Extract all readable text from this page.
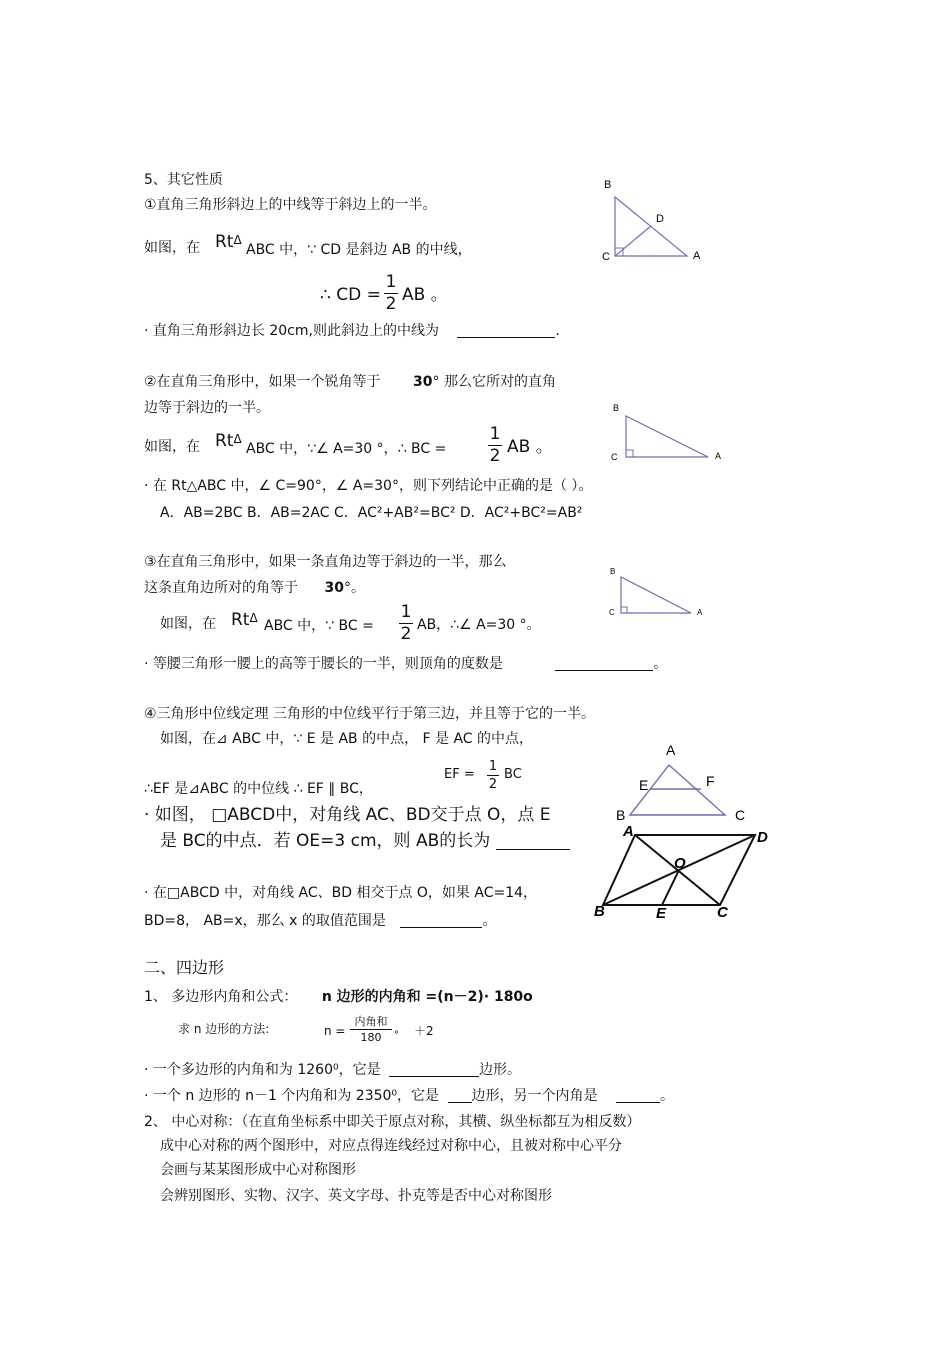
5、其它性质
①直角三角形斜边上的中线等于斜边上的一半。
如图，在 RtΔ
ABC 中，∵ CD 是斜边 AB 的中线，
∴ CD =
1
2 AB 。
· 直角三角形斜边长 20cm,则此斜边上的中线为	.
B
D
C	A
②在直角三角形中，如果一个锐角等于 30° 那么它所对的直角
边等于斜边的一半。
如图，在 RtΔ
ABC 中，∵∠ A=30 °，∴ BC =
1
2 AB 。
· 在 Rt△ABC 中，∠ C=90°，∠ A=30°，则下列结论中正确的是（ ）。
A．AB=2BC B．AB=2AC C．AC²+AB²=BC² D．AC²+BC²=AB²
B
C	A
③在直角三角形中，如果一条直角边等于斜边的一半，那么
这条直角边所对的角等于 30°。
如图，在 RtΔ ABC 中，∵ BC =
1
2 AB，∴∠ A=30 °。
· 等腰三角形一腰上的高等于腰长的一半，则顶角的度数是	。
B
C	A
④三角形中位线定理 三角形的中位线平行于第三边，并且等于它的一半。
如图，在⊿ ABC 中，∵ E 是 AB 的中点， F 是 AC 的中点，
∴EF 是⊿ABC 的中位线 ∴ EF ∥ BC，
EF =
1
2
BC
· 如图， □ABCD中，对角线 AC、BD交于点 O，点 E
是 BC的中点．若 OE=3 cm，则 AB的长为
· 在□ABCD 中，对角线 AC、BD 相交于点 O，如果 AC=14，
BD=8， AB=x，那么 x 的取值范围是	。
A
E	F
B	C
A	D
O
B	E	C
二、四边形
1、 多边形内角和公式： n 边形的内角和 =(n－2)· 180o
求 n 边形的方法:	n =
内角和
180	° ＋2
· 一个多边形的内角和为 1260⁰，它是	边形。
· 一个 n 边形的 n－1 个内角和为 2350⁰，它是 边形，另一个内角是	。
2、 中心对称：（在直角坐标系中即关于原点对称，其横、纵坐标都互为相反数）
成中心对称的两个图形中，对应点得连线经过对称中心，且被对称中心平分
会画与某某图形成中心对称图形
会辨别图形、实物、汉字、英文字母、扑克等是否中心对称图形
